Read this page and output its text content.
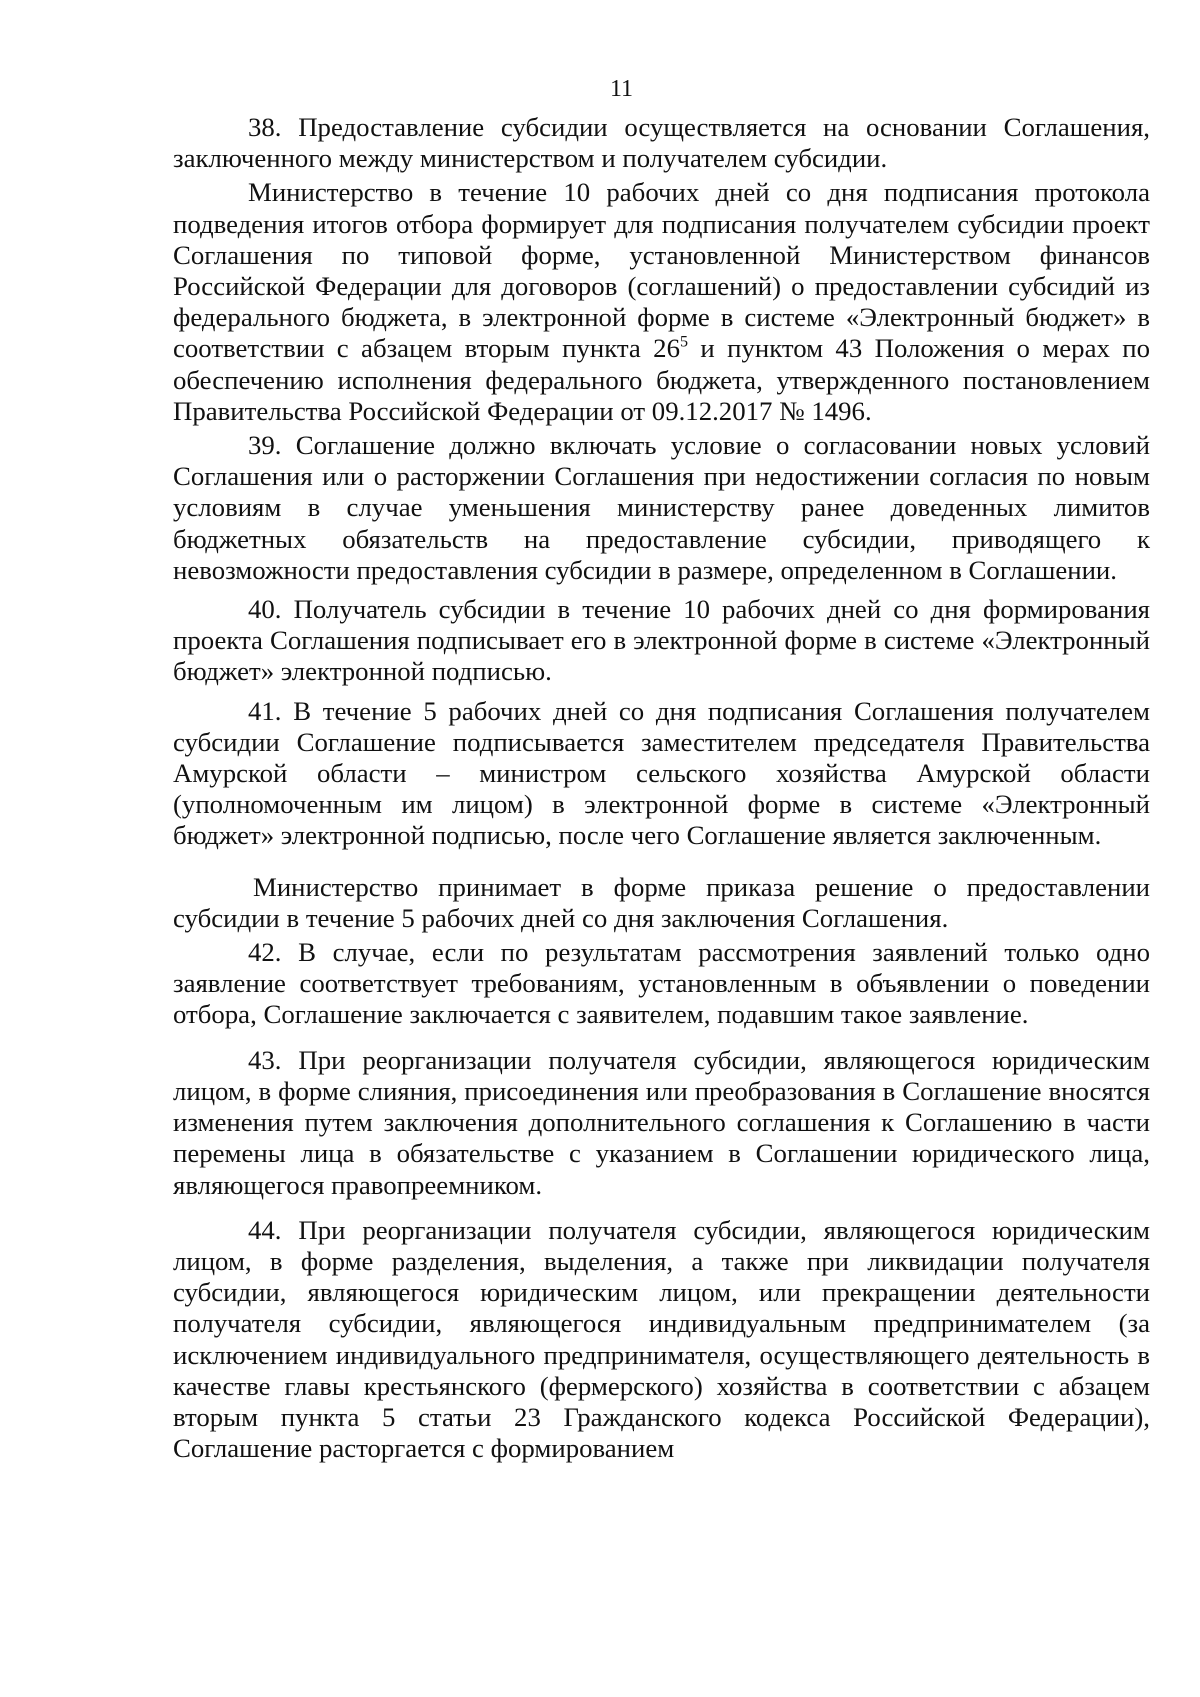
11

38. Предоставление субсидии осуществляется на основании Соглашения, заключенного между министерством и получателем субсидии.

Министерство в течение 10 рабочих дней со дня подписания протокола подведения итогов отбора формирует для подписания получателем субсидии проект Соглашения по типовой форме, установленной Министерством финансов Российской Федерации для договоров (соглашений) о предоставлении субсидий из федерального бюджета, в электронной форме в системе «Электронный бюджет» в соответствии с абзацем вторым пункта $26^5$ и пунктом 43 Положения о мерах по обеспечению исполнения федерального бюджета, утвержденного постановлением Правительства Российской Федерации от 09.12.2017 № 1496.

39. Соглашение должно включать условие о согласовании новых условий Соглашения или о расторжении Соглашения при недостижении согласия по новым условиям в случае уменьшения министерству ранее доведенных лимитов бюджетных обязательств на предоставление субсидии, приводящего к невозможности предоставления субсидии в размере, определенном в Соглашении.

40. Получатель субсидии в течение 10 рабочих дней со дня формирования проекта Соглашения подписывает его в электронной форме в системе «Электронный бюджет» электронной подписью.

41. В течение 5 рабочих дней со дня подписания Соглашения получателем субсидии Соглашение подписывается заместителем председателя Правительства Амурской области – министром сельского хозяйства Амурской области (уполномоченным им лицом) в электронной форме в системе «Электронный бюджет» электронной подписью, после чего Соглашение является заключенным.

Министерство принимает в форме приказа решение о предоставлении субсидии в течение 5 рабочих дней со дня заключения Соглашения.

42. В случае, если по результатам рассмотрения заявлений только одно заявление соответствует требованиям, установленным в объявлении о поведении отбора, Соглашение заключается с заявителем, подавшим такое заявление.

43. При реорганизации получателя субсидии, являющегося юридическим лицом, в форме слияния, присоединения или преобразования в Соглашение вносятся изменения путем заключения дополнительного соглашения к Соглашению в части перемены лица в обязательстве с указанием в Соглашении юридического лица, являющегося правопреемником.

44. При реорганизации получателя субсидии, являющегося юридическим лицом, в форме разделения, выделения, а также при ликвидации получателя субсидии, являющегося юридическим лицом, или прекращении деятельности получателя субсидии, являющегося индивидуальным предпринимателем (за исключением индивидуального предпринимателя, осуществляющего деятельность в качестве главы крестьянского (фермерского) хозяйства в соответствии с абзацем вторым пункта 5 статьи 23 Гражданского кодекса Российской Федерации), Соглашение расторгается с формированием
